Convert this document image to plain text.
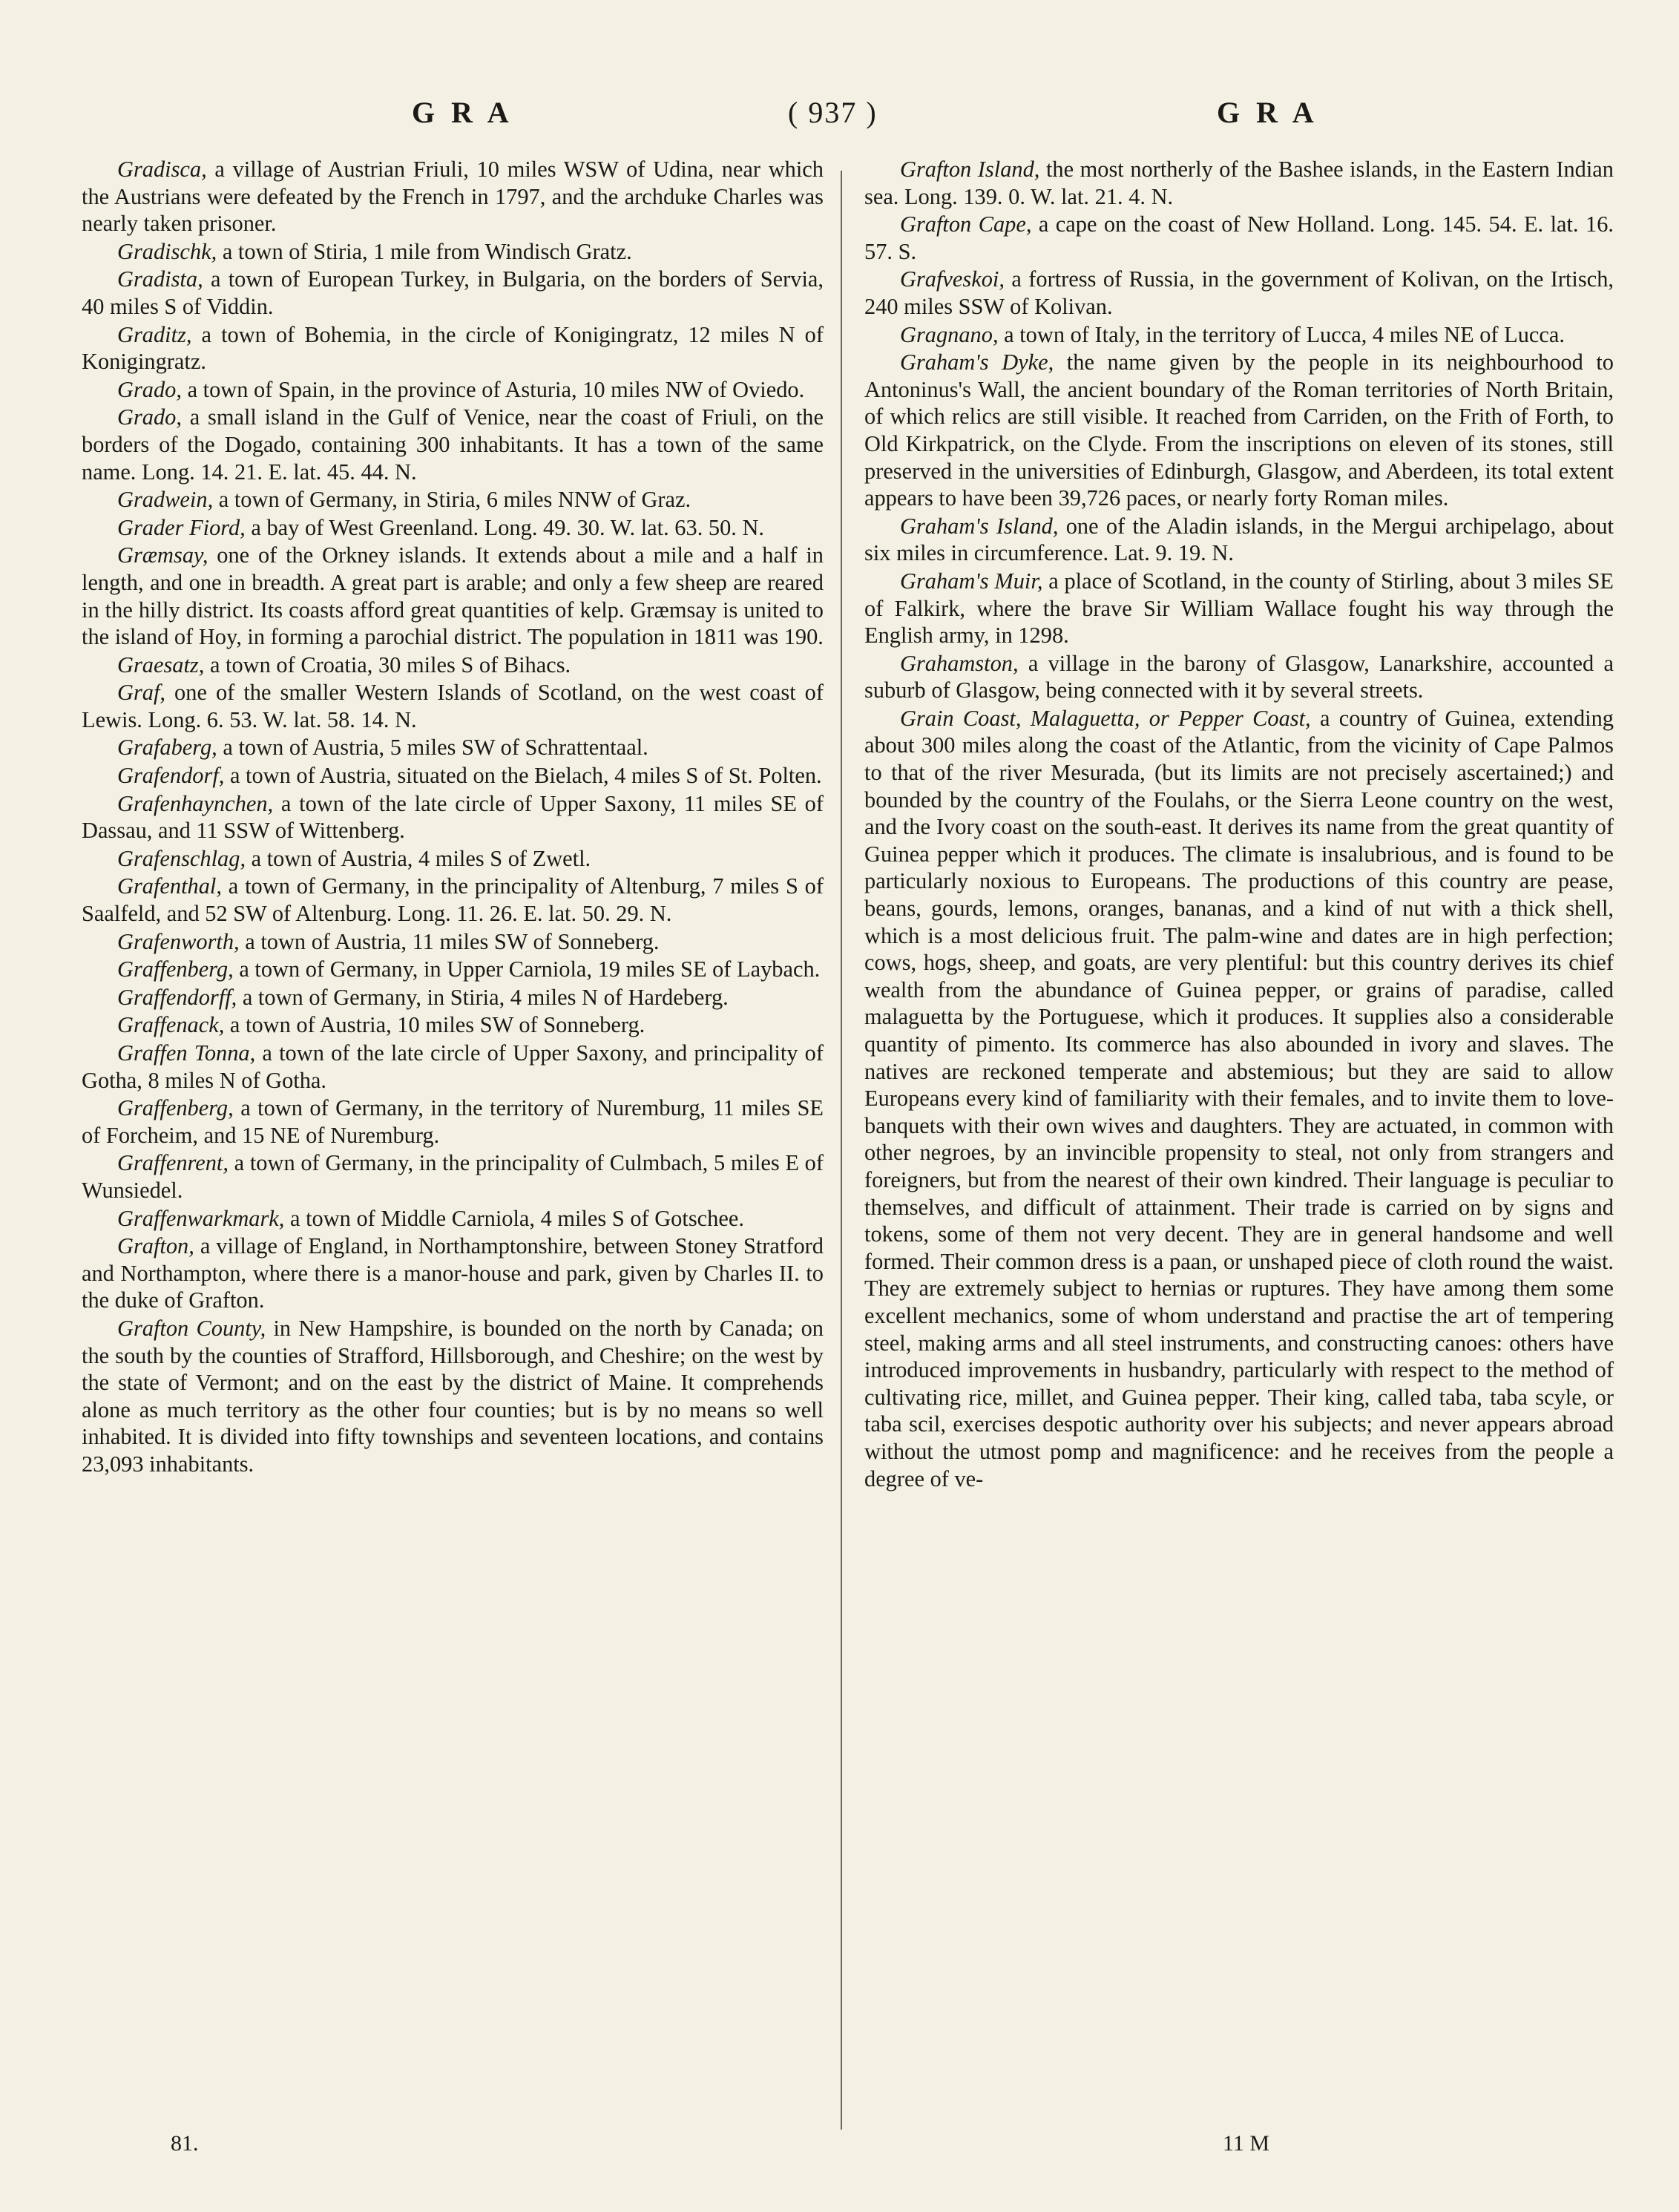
G R A	( 937 )	G R A

Gradisca, a village of Austrian Friuli, 10 miles WSW of Udina, near which the Austrians were defeated by the French in 1797, and the archduke Charles was nearly taken prisoner.

Gradischk, a town of Stiria, 1 mile from Windisch Gratz.

Gradista, a town of European Turkey, in Bulgaria, on the borders of Servia, 40 miles S of Viddin.

Graditz, a town of Bohemia, in the circle of Konigingratz, 12 miles N of Konigingratz.

Grado, a town of Spain, in the province of Asturia, 10 miles NW of Oviedo.

Grado, a small island in the Gulf of Venice, near the coast of Friuli, on the borders of the Dogado, containing 300 inhabitants. It has a town of the same name. Long. 14. 21. E. lat. 45. 44. N.

Gradwein, a town of Germany, in Stiria, 6 miles NNW of Graz.

Grader Fiord, a bay of West Greenland. Long. 49. 30. W. lat. 63. 50. N.

Græmsay, one of the Orkney islands. It extends about a mile and a half in length, and one in breadth. A great part is arable; and only a few sheep are reared in the hilly district. Its coasts afford great quantities of kelp. Græmsay is united to the island of Hoy, in forming a parochial district. The population in 1811 was 190.

Graesatz, a town of Croatia, 30 miles S of Bihacs.

Graf, one of the smaller Western Islands of Scotland, on the west coast of Lewis. Long. 6. 53. W. lat. 58. 14. N.

Grafaberg, a town of Austria, 5 miles SW of Schrattentaal.

Grafendorf, a town of Austria, situated on the Bielach, 4 miles S of St. Polten.

Grafenhaynchen, a town of the late circle of Upper Saxony, 11 miles SE of Dassau, and 11 SSW of Wittenberg.

Grafenschlag, a town of Austria, 4 miles S of Zwetl.

Grafenthal, a town of Germany, in the principality of Altenburg, 7 miles S of Saalfeld, and 52 SW of Altenburg. Long. 11. 26. E. lat. 50. 29. N.

Grafenworth, a town of Austria, 11 miles SW of Sonneberg.

Graffenberg, a town of Germany, in Upper Carniola, 19 miles SE of Laybach.

Graffendorff, a town of Germany, in Stiria, 4 miles N of Hardeberg.

Graffenack, a town of Austria, 10 miles SW of Sonneberg.

Graffen Tonna, a town of the late circle of Upper Saxony, and principality of Gotha, 8 miles N of Gotha.

Graffenberg, a town of Germany, in the territory of Nuremburg, 11 miles SE of Forcheim, and 15 NE of Nuremburg.

Graffenrent, a town of Germany, in the principality of Culmbach, 5 miles E of Wunsiedel.

Graffenwarkmark, a town of Middle Carniola, 4 miles S of Gotschee.

Grafton, a village of England, in Northamptonshire, between Stoney Stratford and Northampton, where there is a manor-house and park, given by Charles II. to the duke of Grafton.

Grafton County, in New Hampshire, is bounded on the north by Canada; on the south by the counties of Strafford, Hillsborough, and Cheshire; on the west by the state of Vermont; and on the east by the district of Maine. It comprehends alone as much territory as the other four counties; but is by no means so well inhabited. It is divided into fifty townships and seventeen locations, and contains 23,093 inhabitants.

Grafton Island, the most northerly of the Bashee islands, in the Eastern Indian sea. Long. 139. 0. W. lat. 21. 4. N.

Grafton Cape, a cape on the coast of New Holland. Long. 145. 54. E. lat. 16. 57. S.

Grafveskoi, a fortress of Russia, in the government of Kolivan, on the Irtisch, 240 miles SSW of Kolivan.

Gragnano, a town of Italy, in the territory of Lucca, 4 miles NE of Lucca.

Graham's Dyke, the name given by the people in its neighbourhood to Antoninus's Wall, the ancient boundary of the Roman territories of North Britain, of which relics are still visible. It reached from Carriden, on the Frith of Forth, to Old Kirkpatrick, on the Clyde. From the inscriptions on eleven of its stones, still preserved in the universities of Edinburgh, Glasgow, and Aberdeen, its total extent appears to have been 39,726 paces, or nearly forty Roman miles.

Graham's Island, one of the Aladin islands, in the Mergui archipelago, about six miles in circumference. Lat. 9. 19. N.

Graham's Muir, a place of Scotland, in the county of Stirling, about 3 miles SE of Falkirk, where the brave Sir William Wallace fought his way through the English army, in 1298.

Grahamston, a village in the barony of Glasgow, Lanarkshire, accounted a suburb of Glasgow, being connected with it by several streets.

Grain Coast, Malaguetta, or Pepper Coast, a country of Guinea, extending about 300 miles along the coast of the Atlantic, from the vicinity of Cape Palmos to that of the river Mesurada, (but its limits are not precisely ascertained;) and bounded by the country of the Foulahs, or the Sierra Leone country on the west, and the Ivory coast on the south-east. It derives its name from the great quantity of Guinea pepper which it produces. The climate is insalubrious, and is found to be particularly noxious to Europeans. The productions of this country are pease, beans, gourds, lemons, oranges, bananas, and a kind of nut with a thick shell, which is a most delicious fruit. The palm-wine and dates are in high perfection; cows, hogs, sheep, and goats, are very plentiful: but this country derives its chief wealth from the abundance of Guinea pepper, or grains of paradise, called malaguetta by the Portuguese, which it produces. It supplies also a considerable quantity of pimento. Its commerce has also abounded in ivory and slaves. The natives are reckoned temperate and abstemious; but they are said to allow Europeans every kind of familiarity with their females, and to invite them to love-banquets with their own wives and daughters. They are actuated, in common with other negroes, by an invincible propensity to steal, not only from strangers and foreigners, but from the nearest of their own kindred. Their language is peculiar to themselves, and difficult of attainment. Their trade is carried on by signs and tokens, some of them not very decent. They are in general handsome and well formed. Their common dress is a paan, or unshaped piece of cloth round the waist. They are extremely subject to hernias or ruptures. They have among them some excellent mechanics, some of whom understand and practise the art of tempering steel, making arms and all steel instruments, and constructing canoes: others have introduced improvements in husbandry, particularly with respect to the method of cultivating rice, millet, and Guinea pepper. Their king, called taba, taba scyle, or taba scil, exercises despotic authority over his subjects; and never appears abroad without the utmost pomp and magnificence: and he receives from the people a degree of ve-

81.	11 M
